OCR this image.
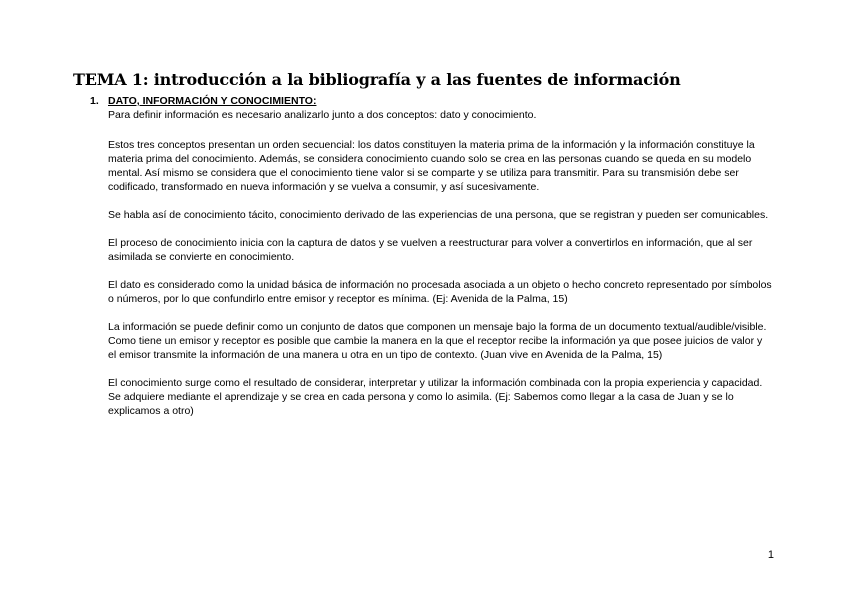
TEMA 1: introducción a la bibliografía y a las fuentes de información
1. DATO, INFORMACIÓN Y CONOCIMIENTO:

Para definir información es necesario analizarlo junto a dos conceptos: dato y conocimiento.

Estos tres conceptos presentan un orden secuencial: los datos constituyen la materia prima de la información y la información constituye la materia prima del conocimiento. Además, se considera conocimiento cuando solo se crea en las personas cuando se queda en su modelo mental. Así mismo se considera que el conocimiento tiene valor si se comparte y se utiliza para transmitir. Para su transmisión debe ser codificado, transformado en nueva información y se vuelva a consumir, y así sucesivamente.

Se habla así de conocimiento tácito, conocimiento derivado de las experiencias de una persona, que se registran y pueden ser comunicables.

El proceso de conocimiento inicia con la captura de datos y se vuelven a reestructurar para volver a convertirlos en información, que al ser asimilada se convierte en conocimiento.

El dato es considerado como la unidad básica de información no procesada asociada a un objeto o hecho concreto representado por símbolos o números, por lo que confundirlo entre emisor y receptor es mínima. (Ej: Avenida de la Palma, 15)

La información se puede definir como un conjunto de datos que componen un mensaje bajo la forma de un documento textual/audible/visible. Como tiene un emisor y receptor es posible que cambie la manera en la que el receptor recibe la información ya que posee juicios de valor y el emisor transmite la información de una manera u otra en un tipo de contexto. (Juan vive en Avenida de la Palma, 15)

El conocimiento surge como el resultado de considerar, interpretar y utilizar la información combinada con la propia experiencia y capacidad. Se adquiere mediante el aprendizaje y se crea en cada persona y como lo asimila. (Ej: Sabemos como llegar a la casa de Juan y se lo explicamos a otro)

1
